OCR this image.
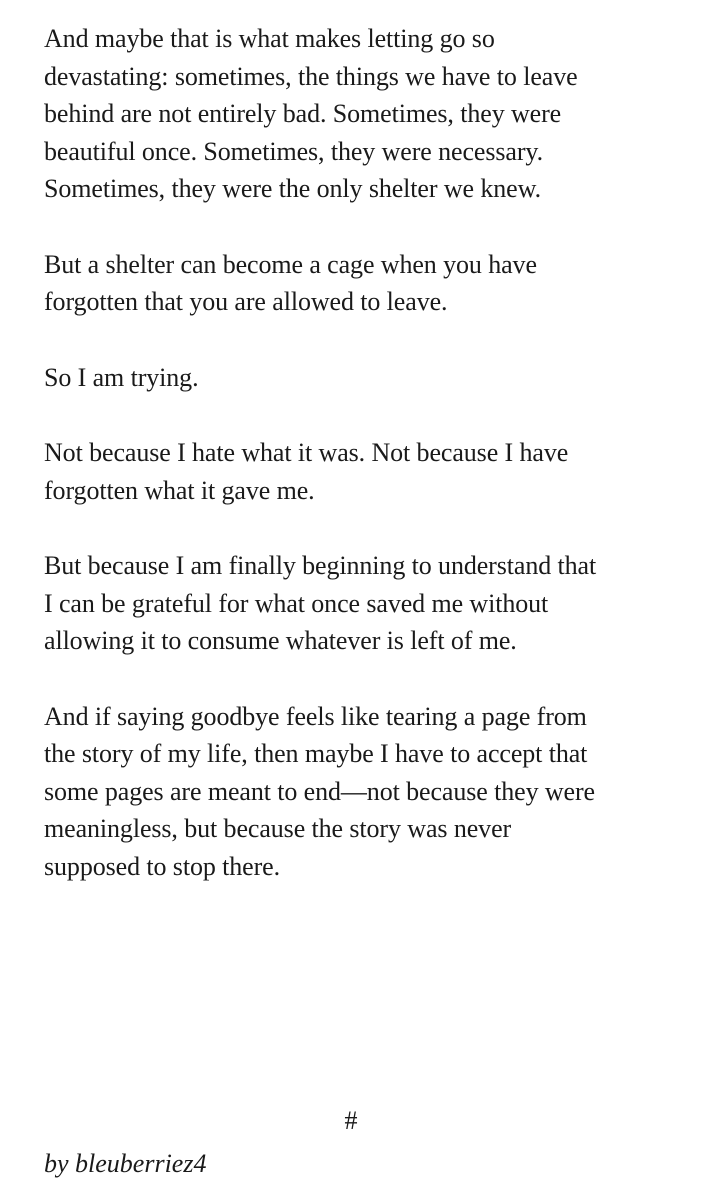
And maybe that is what makes letting go so
devastating: sometimes, the things we have to leave
behind are not entirely bad. Sometimes, they were
beautiful once. Sometimes, they were necessary.
Sometimes, they were the only shelter we knew.

But a shelter can become a cage when you have
forgotten that you are allowed to leave.

So I am trying.

Not because I hate what it was. Not because I have
forgotten what it gave me.

But because I am finally beginning to understand that
I can be grateful for what once saved me without
allowing it to consume whatever is left of me.

And if saying goodbye feels like tearing a page from
the story of my life, then maybe I have to accept that
some pages are meant to end—not because they were
meaningless, but because the story was never
supposed to stop there.

#
by bleuberriez4
